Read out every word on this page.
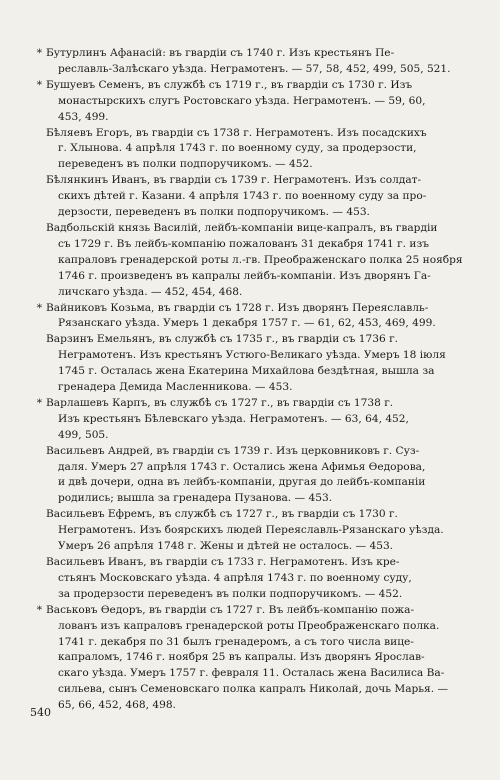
* Бутурлинъ Афанасій: въ гвардіи съ 1740 г. Изъ крестьянъ Пе-
реславль-Залѣскаго уѣзда. Неграмотенъ. — 57, 58, 452, 499, 505, 521.
* Бушуевъ Семенъ, въ службѣ съ 1719 г., въ гвардіи съ 1730 г. Изъ
монастырскихъ слугъ Ростовскаго уѣзда. Неграмотенъ. — 59, 60,
453, 499.
Бѣляевъ Егоръ, въ гвардіи съ 1738 г. Неграмотенъ. Изъ посадскихъ
г. Хлынова. 4 апрѣля 1743 г. по военному суду, за продерзости,
переведенъ въ полки подпоручикомъ. — 452.
Бѣлянкинъ Иванъ, въ гвардіи съ 1739 г. Неграмотенъ. Изъ солдат-
скихъ дѣтей г. Казани. 4 апрѣля 1743 г. по военному суду за про-
дерзости, переведенъ въ полки подпоручикомъ. — 453.
Вадбольскій князь Василій, лейбъ-компаніи вице-капралъ, въ гвардіи
съ 1729 г. Въ лейбъ-компанію пожалованъ 31 декабря 1741 г. изъ
капраловъ гренадерской роты л.-гв. Преображенскаго полка 25 ноября
1746 г. произведенъ въ капралы лейбъ-компаніи. Изъ дворянъ Га-
личскаго уѣзда. — 452, 454, 468.
* Вайниковъ Козьма, въ гвардіи съ 1728 г. Изъ дворянъ Переяславль-
Рязанскаго уѣзда. Умеръ 1 декабря 1757 г. — 61, 62, 453, 469, 499.
Варзинъ Емельянъ, въ службѣ съ 1735 г., въ гвардіи съ 1736 г.
Неграмотенъ. Изъ крестьянъ Устюго-Великаго уѣзда. Умеръ 18 іюля
1745 г. Осталась жена Екатерина Михайлова бездѣтная, вышла за
гренадера Демида Масленникова. — 453.
* Варлашевъ Карпъ, въ службѣ съ 1727 г., въ гвардіи съ 1738 г.
Изъ крестьянъ Бѣлевскаго уѣзда. Неграмотенъ. — 63, 64, 452,
499, 505.
Васильевъ Андрей, въ гвардіи съ 1739 г. Изъ церковниковъ г. Суз-
даля. Умеръ 27 апрѣля 1743 г. Остались жена Афимья Ѳедорова,
и двѣ дочери, одна въ лейбъ-компаніи, другая до лейбъ-компаніи
родились; вышла за гренадера Пузанова. — 453.
Васильевъ Ефремъ, въ службѣ съ 1727 г., въ гвардіи съ 1730 г.
Неграмотенъ. Изъ боярскихъ людей Переяславль-Рязанскаго уѣзда.
Умеръ 26 апрѣля 1748 г. Жены и дѣтей не осталось. — 453.
Васильевъ Иванъ, въ гвардіи съ 1733 г. Неграмотенъ. Изъ кре-
стьянъ Московскаго уѣзда. 4 апрѣля 1743 г. по военному суду,
за продерзости переведенъ въ полки подпоручикомъ. — 452.
* Васьковъ Ѳедоръ, въ гвардіи съ 1727 г. Въ лейбъ-компанію пожа-
лованъ изъ капраловъ гренадерской роты Преображенскаго полка.
1741 г. декабря по 31 былъ гренадеромъ, а съ того числа вице-
капраломъ, 1746 г. ноября 25 въ капралы. Изъ дворянъ Ярослав-
скаго уѣзда. Умеръ 1757 г. февраля 11. Осталась жена Василиса Ва-
сильева, сынъ Семеновскаго полка капралъ Николай, дочь Марья. —
65, 66, 452, 468, 498.
540
